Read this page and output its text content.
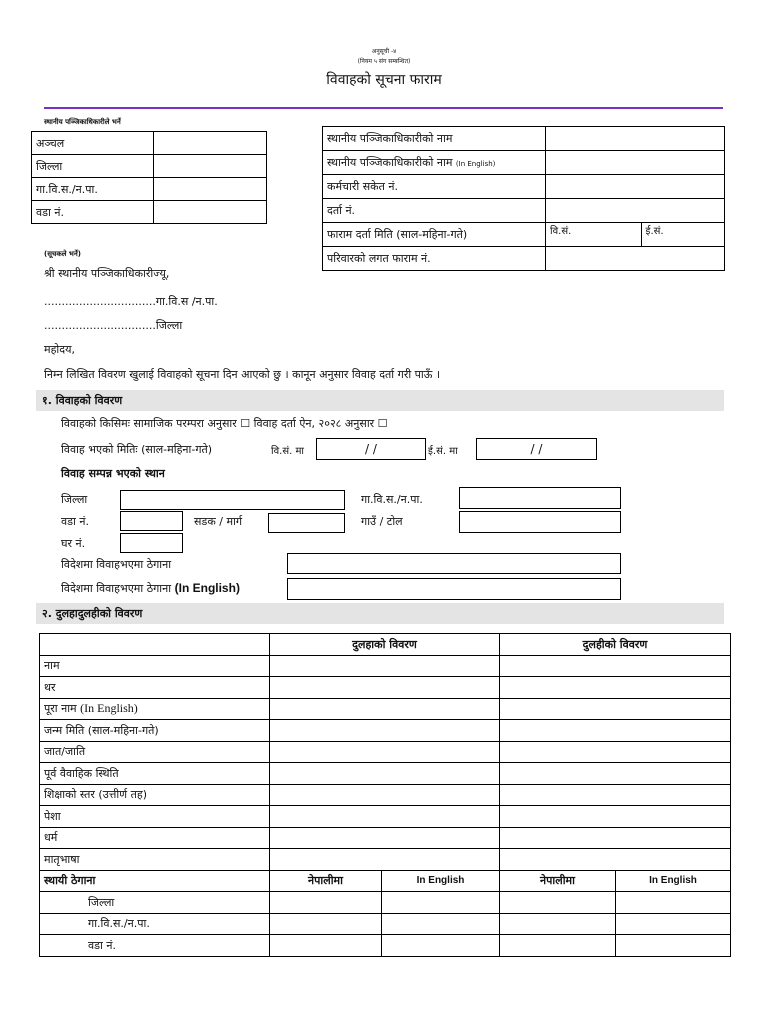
अनुसूची -४
(नियम ५ संग सम्बन्धित)
विवाहको सूचना फाराम
स्थानीय पञ्जिकाधिकारीले भर्ने
अञ्चल	
जिल्ला	
गा.वि.स./न.पा.	
वडा नं.	
स्थानीय पञ्जिकाधिकारीको नाम		
स्थानीय पञ्जिकाधिकारीको नाम (In English)		
कर्मचारी सकेत नं.		
दर्ता नं.		
फाराम दर्ता मिति (साल-महिना-गते)	वि.सं.	ई.सं.
परिवारको लगत फाराम नं.		
(सूचकले भर्ने)
श्री स्थानीय पञ्जिकाधिकारीज्यू,
................................गा.वि.स /न.पा.
................................जिल्ला
महोदय,
निम्न लिखित विवरण खुलाई विवाहको सूचना दिन आएको छु । कानून अनुसार विवाह दर्ता गरी पाऊँ ।
१. विवाहको विवरण
विवाहको किसिमः सामाजिक परम्परा अनुसार ☐ विवाह दर्ता ऐन, २०२८ अनुसार ☐
विवाह भएको मितिः (साल-महिना-गते)	वि.सं. मा	/ /	ई.सं. मा	/ /
विवाह सम्पन्न भएको स्थान
जिल्ला	गा.वि.स./न.पा.
वडा नं.	सडक / मार्ग	गाउँ / टोल
घर नं.
विदेशमा विवाहभएमा ठेगाना
विदेशमा विवाहभएमा ठेगाना (In English)
२. दुलहादुलहीको विवरण
	दुलहाको विवरण		दुलहीको विवरण	
नाम				
थर				
पूरा नाम (In English)				
जन्म मिति (साल-महिना-गते)				
जात/जाति				
पूर्व वैवाहिक स्थिति				
शिक्षाको स्तर (उत्तीर्ण तह)				
पेशा				
धर्म				
मातृभाषा				
स्थायी ठेगाना	नेपालीमा	In English	नेपालीमा	In English
जिल्ला				
गा.वि.स./न.पा.				
वडा नं.				
